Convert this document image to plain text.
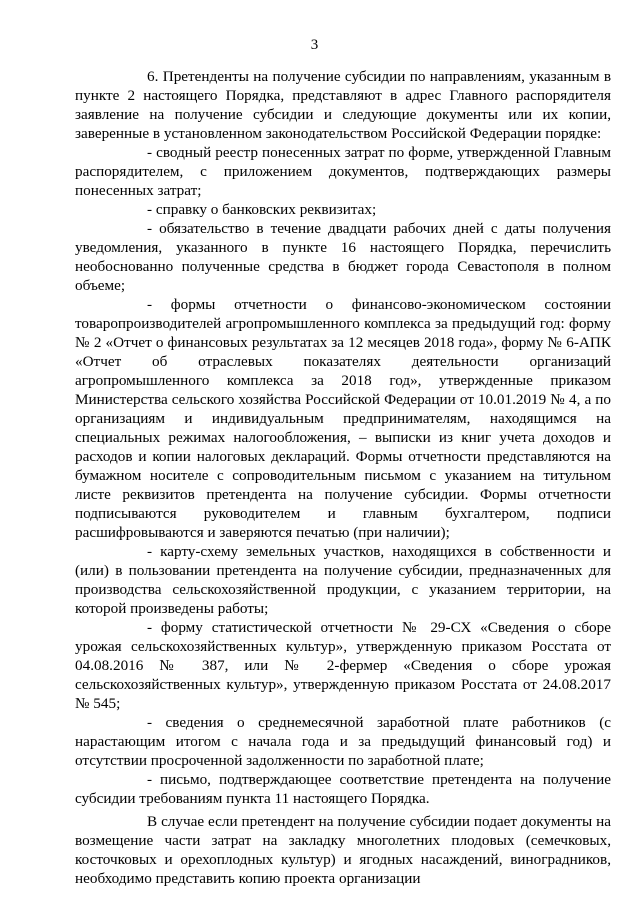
3

6. Претенденты на получение субсидии по направлениям, указанным в пункте 2 настоящего Порядка, представляют в адрес Главного распорядителя заявление на получение субсидии и следующие документы или их копии, заверенные в установленном законодательством Российской Федерации порядке:

- сводный реестр понесенных затрат по форме, утвержденной Главным распорядителем, с приложением документов, подтверждающих размеры понесенных затрат;

- справку о банковских реквизитах;

- обязательство в течение двадцати рабочих дней с даты получения уведомления, указанного в пункте 16 настоящего Порядка, перечислить необоснованно полученные средства в бюджет города Севастополя в полном объеме;

- формы отчетности о финансово-экономическом состоянии товаропроизводителей агропромышленного комплекса за предыдущий год: форму № 2 «Отчет о финансовых результатах за 12 месяцев 2018 года», форму № 6-АПК «Отчет об отраслевых показателях деятельности организаций агропромышленного комплекса за 2018 год», утвержденные приказом Министерства сельского хозяйства Российской Федерации от 10.01.2019 № 4, а по организациям и индивидуальным предпринимателям, находящимся на специальных режимах налогообложения, – выписки из книг учета доходов и расходов и копии налоговых деклараций. Формы отчетности представляются на бумажном носителе с сопроводительным письмом с указанием на титульном листе реквизитов претендента на получение субсидии. Формы отчетности подписываются руководителем и главным бухгалтером, подписи расшифровываются и заверяются печатью (при наличии);

- карту-схему земельных участков, находящихся в собственности и (или) в пользовании претендента на получение субсидии, предназначенных для производства сельскохозяйственной продукции, с указанием территории, на которой произведены работы;

- форму статистической отчетности № 29-СХ «Сведения о сборе урожая сельскохозяйственных культур», утвержденную приказом Росстата от 04.08.2016 № 387, или № 2-фермер «Сведения о сборе урожая сельскохозяйственных культур», утвержденную приказом Росстата от 24.08.2017 № 545;

- сведения о среднемесячной заработной плате работников (с нарастающим итогом с начала года и за предыдущий финансовый год) и отсутствии просроченной задолженности по заработной плате;

- письмо, подтверждающее соответствие претендента на получение субсидии требованиям пункта 11 настоящего Порядка.

В случае если претендент на получение субсидии подает документы на возмещение части затрат на закладку многолетних плодовых (семечковых, косточковых и орехоплодных культур) и ягодных насаждений, виноградников, необходимо представить копию проекта организации
